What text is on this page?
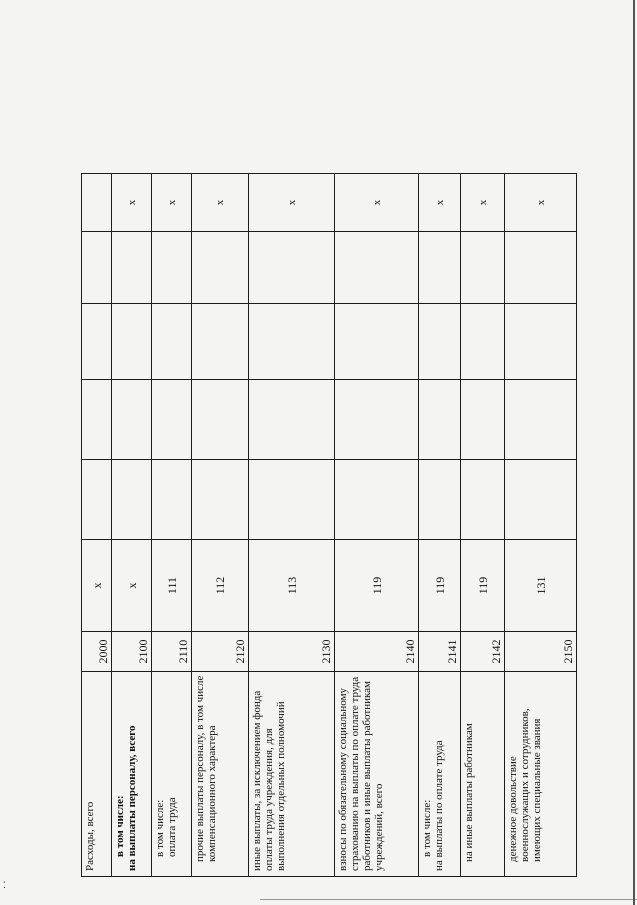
⁚
Расходы, всего	2000	x					

в том числе: на выплаты персоналу, всего	2100	x					x

в том числе: оплата труда	2110	111					x
прочие выплаты персоналу, в том числе компенсационного характера	2120	112					x
иные выплаты, за исключением фонда оплаты труда учреждения, для выполнения отдельных полномочий	2130	113					x
взносы по обязательному социальному страхованию на выплаты по оплате труда работников и иные выплаты работникам учреждений, всего	2140	119					x

в том числе: на выплаты по оплате труда	2141	119					x
на иные выплаты работникам	2142	119					x
денежное довольствие военнослужащих и сотрудников, имеющих специальные звания	2150	131					x
